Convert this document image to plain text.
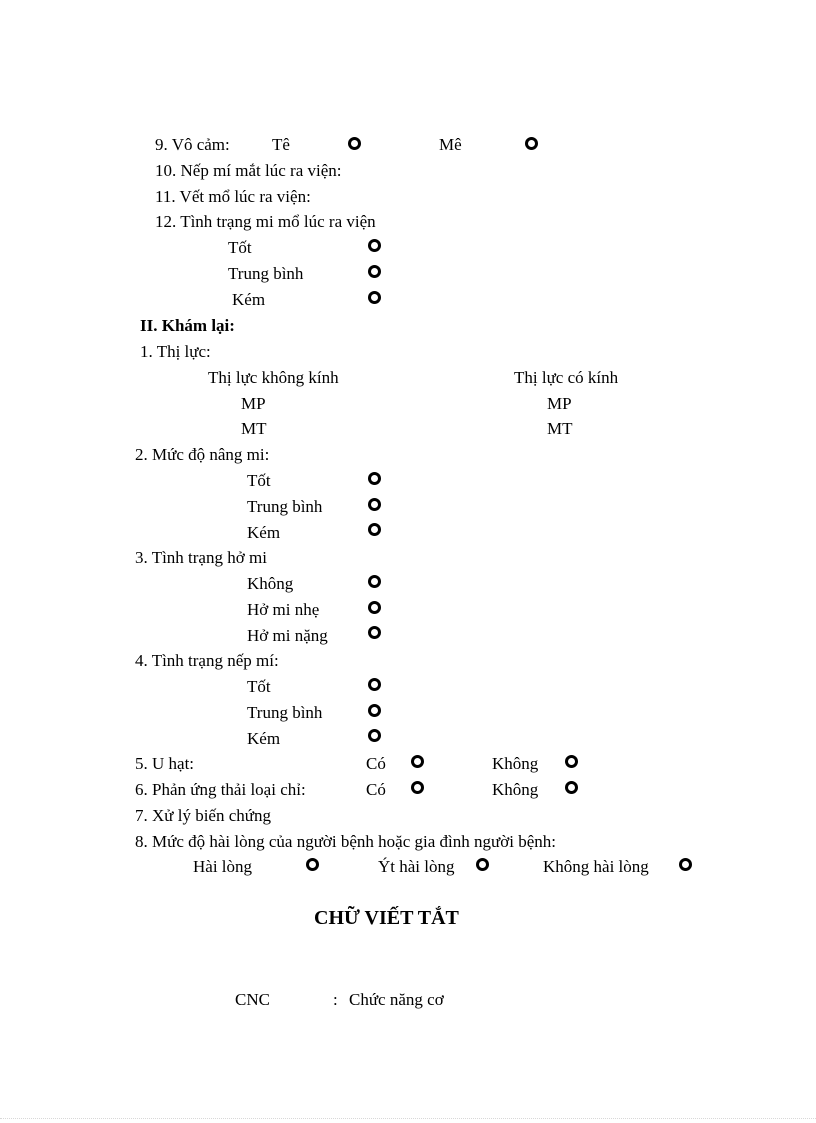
9. Vô cảm: Tê	Mê
10. Nếp mí mắt lúc ra viện:
11. Vết mổ lúc ra viện:
12. Tình trạng mi mổ lúc ra viện
Tốt
Trung bình
Kém
II. Khám lại:
1. Thị lực:
Thị lực không kính	Thị lực có kính
MP	MP
MT	MT
2. Mức độ nâng mi:
Tốt
Trung bình
Kém
3. Tình trạng hở mi
Không
Hở mi nhẹ
Hở mi nặng
4. Tình trạng nếp mí:
Tốt
Trung bình
Kém
5. U hạt:	Có	Không
6. Phản ứng thải loại chỉ:	Có	Không
7. Xử lý biến chứng
8. Mức độ hài lòng của người bệnh hoặc gia đình người bệnh:
Hài lòng	Ýt hài lòng	Không hài lòng
CHỮ VIẾT TẮT
CNC	: Chức năng cơ
